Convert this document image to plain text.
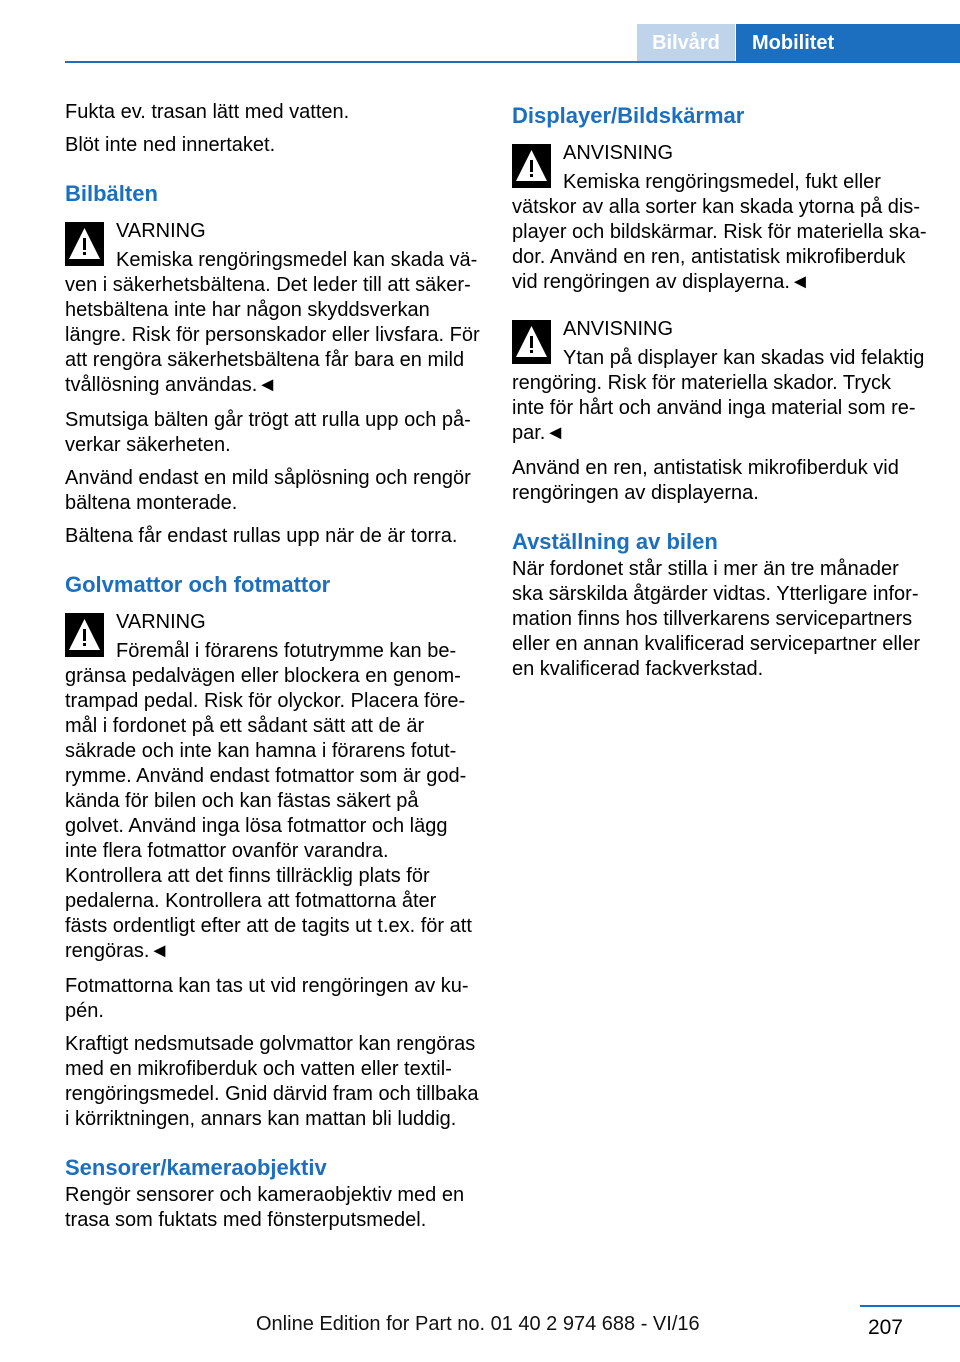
Bilvård	Mobilitet

Fukta ev. trasan lätt med vatten.

Blöt inte ned innertaket.

Bilbälten
VARNING
Kemiska rengöringsmedel kan skada väven i säkerhetsbältena. Det leder till att säkerhetsbältena inte har någon skyddsverkan längre. Risk för personskador eller livsfara. För att rengöra säkerhetsbältena får bara en mild tvållösning användas.◄

Smutsiga bälten går trögt att rulla upp och påverkar säkerheten.

Använd endast en mild såplösning och rengör bältena monterade.

Bältena får endast rullas upp när de är torra.

Golvmattor och fotmattor
VARNING
Föremål i förarens fotutrymme kan begränsa pedalvägen eller blockera en genomtrampad pedal. Risk för olyckor. Placera föremål i fordonet på ett sådant sätt att de är säkrade och inte kan hamna i förarens fotutrymme. Använd endast fotmattor som är godkända för bilen och kan fästas säkert på golvet. Använd inga lösa fotmattor och lägg inte flera fotmattor ovanför varandra. Kontrollera att det finns tillräcklig plats för pedalerna. Kontrollera att fotmattorna åter fästs ordentligt efter att de tagits ut t.ex. för att rengöras.◄

Fotmattorna kan tas ut vid rengöringen av kupén.

Kraftigt nedsmutsade golvmattor kan rengöras med en mikrofiberduk och vatten eller textilrengöringsmedel. Gnid därvid fram och tillbaka i körriktningen, annars kan mattan bli luddig.

Sensorer/kameraobjektiv

Rengör sensorer och kameraobjektiv med en trasa som fuktats med fönsterputsmedel.

Displayer/Bildskärmar
ANVISNING
Kemiska rengöringsmedel, fukt eller vätskor av alla sorter kan skada ytorna på displayer och bildskärmar. Risk för materiella skador. Använd en ren, antistatisk mikrofiberduk vid rengöringen av displayerna.◄
ANVISNING
Ytan på displayer kan skadas vid felaktig rengöring. Risk för materiella skador. Tryck inte för hårt och använd inga material som repar.◄

Använd en ren, antistatisk mikrofiberduk vid rengöringen av displayerna.

Avställning av bilen

När fordonet står stilla i mer än tre månader ska särskilda åtgärder vidtas. Ytterligare information finns hos tillverkarens servicepartners eller en annan kvalificerad servicepartner eller en kvalificerad fackverkstad.

207
Online Edition for Part no. 01 40 2 974 688 - VI/16
